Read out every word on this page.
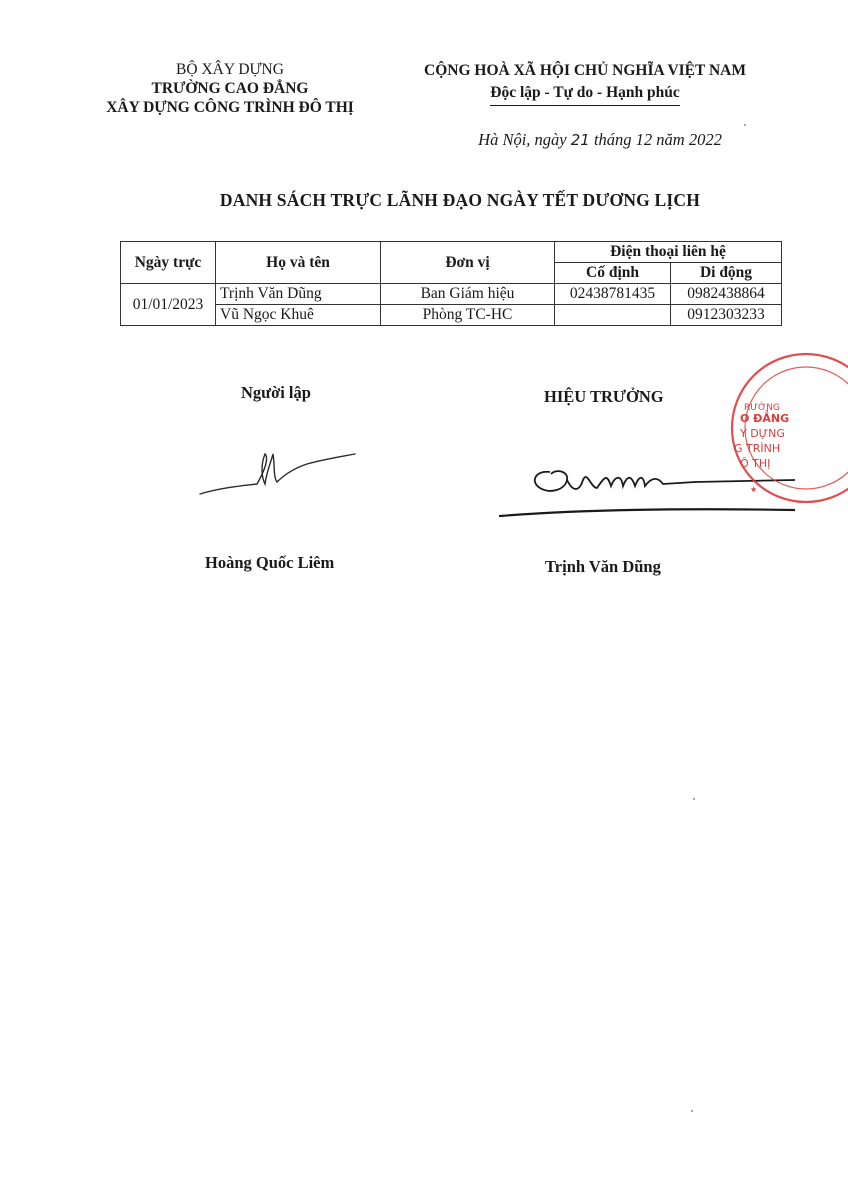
BỘ XÂY DỰNG
TRƯỜNG CAO ĐẲNG
XÂY DỰNG CÔNG TRÌNH ĐÔ THỊ
CỘNG HOÀ XÃ HỘI CHỦ NGHĨA VIỆT NAM
Độc lập - Tự do - Hạnh phúc
Hà Nội, ngày 21 tháng 12 năm 2022
DANH SÁCH TRỰC LÃNH ĐẠO NGÀY TẾT DƯƠNG LỊCH
Ngày trực	Họ và tên	Đơn vị	Điện thoại liên hệ	
			Cố định	Di động
01/01/2023	Trịnh Văn Dũng	Ban Giám hiệu	02438781435	0982438864
	Vũ Ngọc Khuê	Phòng TC-HC		0912303233
Người lập	HIỆU TRƯỞNG
RƯỜNG
O ĐẲNG
Y DỰNG
G TRÌNH
Ô THỊ
★
Hoàng Quốc Liêm	Trịnh Văn Dũng
